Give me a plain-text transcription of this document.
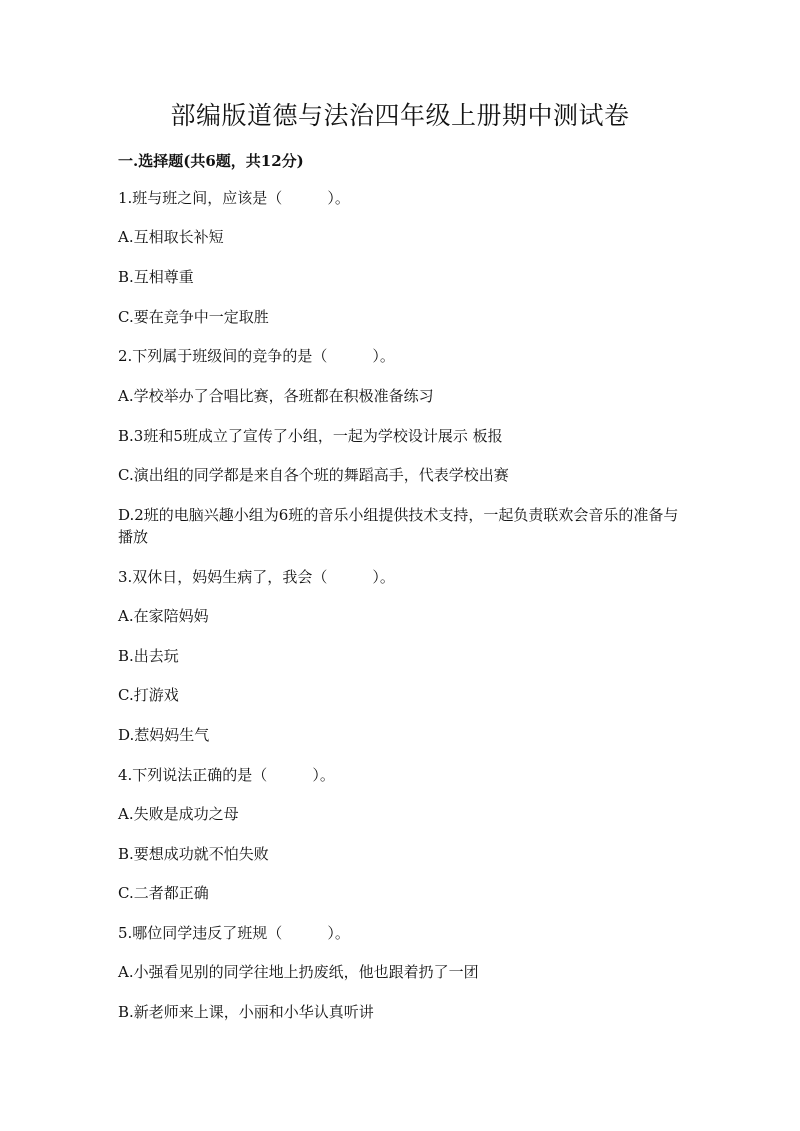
部编版道德与法治四年级上册期中测试卷
一.选择题(共6题，共12分)
1.班与班之间，应该是（　　　）。
A.互相取长补短
B.互相尊重
C.要在竞争中一定取胜
2.下列属于班级间的竞争的是（　　　）。
A.学校举办了合唱比赛，各班都在积极准备练习
B.3班和5班成立了宣传了小组，一起为学校设计展示 板报
C.演出组的同学都是来自各个班的舞蹈高手，代表学校出赛
D.2班的电脑兴趣小组为6班的音乐小组提供技术支持，一起负责联欢会音乐的准备与播放
3.双休日，妈妈生病了，我会（　　　）。
A.在家陪妈妈
B.出去玩
C.打游戏
D.惹妈妈生气
4.下列说法正确的是（　　　）。
A.失败是成功之母
B.要想成功就不怕失败
C.二者都正确
5.哪位同学违反了班规（　　　）。
A.小强看见别的同学往地上扔废纸，他也跟着扔了一团
B.新老师来上课，小丽和小华认真听讲
